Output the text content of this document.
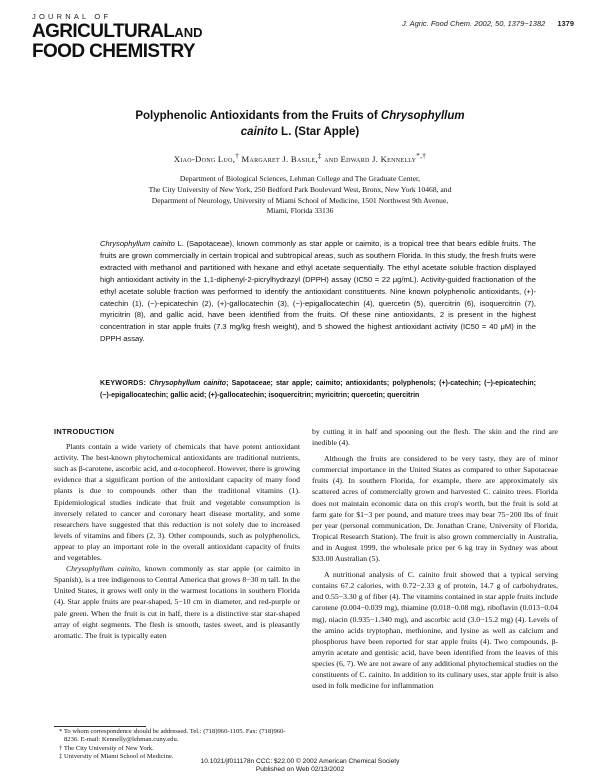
JOURNAL OF
AGRICULTURALAND
FOOD CHEMISTRY
J. Agric. Food Chem. 2002, 50, 1379−1382 1379
Polyphenolic Antioxidants from the Fruits of Chrysophyllum
cainito L. (Star Apple)
Xiao-Dong Luo,† Margaret J. Basile,‡ and Edward J. Kennelly*,†
Department of Biological Sciences, Lehman College and The Graduate Center,
The City University of New York, 250 Bedford Park Boulevard West, Bronx, New York 10468, and
Department of Neurology, University of Miami School of Medicine, 1501 Northwest 9th Avenue,
Miami, Florida 33136
Chrysophyllum cainito L. (Sapotaceae), known commonly as star apple or caimito, is a tropical tree that bears edible fruits. The fruits are grown commercially in certain tropical and subtropical areas, such as southern Florida. In this study, the fresh fruits were extracted with methanol and partitioned with hexane and ethyl acetate sequentially. The ethyl acetate soluble fraction displayed high antioxidant activity in the 1,1-diphenyl-2-picrylhydrazyl (DPPH) assay (IC50 = 22 μg/mL). Activity-guided fractionation of the ethyl acetate soluble fraction was performed to identify the antioxidant constituents. Nine known polyphenolic antioxidants, (+)-catechin (1), (−)-epicatechin (2), (+)-gallocatechin (3), (−)-epigallocatechin (4), quercetin (5), quercitrin (6), isoquercitrin (7), myricitrin (8), and gallic acid, have been identified from the fruits. Of these nine antioxidants, 2 is present in the highest concentration in star apple fruits (7.3 mg/kg fresh weight), and 5 showed the highest antioxidant activity (IC50 = 40 μM) in the DPPH assay.
KEYWORDS: Chrysophyllum cainito; Sapotaceae; star apple; caimito; antioxidants; polyphenols; (+)-catechin; (−)-epicatechin; (−)-epigallocatechin; gallic acid; (+)-gallocatechin; isoquercitrin; myricitrin; quercetin; quercitrin
INTRODUCTION

Plants contain a wide variety of chemicals that have potent antioxidant activity. The best-known phytochemical antioxidants are traditional nutrients, such as β-carotene, ascorbic acid, and α-tocopherol. However, there is growing evidence that a significant portion of the antioxidant capacity of many food plants is due to compounds other than the traditional vitamins (1). Epidemiological studies indicate that fruit and vegetable consumption is inversely related to cancer and coronary heart disease mortality, and some researchers have suggested that this reduction is not solely due to increased levels of vitamins and fibers (2, 3). Other compounds, such as polyphenolics, appear to play an important role in the overall antioxidant capacity of fruits and vegetables.

Chrysophyllum cainito, known commonly as star apple (or caimito in Spanish), is a tree indigenous to Central America that grows 8−30 m tall. In the United States, it grows well only in the warmest locations in southern Florida (4). Star apple fruits are pear-shaped, 5−10 cm in diameter, and red-purple or pale green. When the fruit is cut in half, there is a distinctive star star-shaped array of eight segments. The flesh is smooth, tastes sweet, and is pleasantly aromatic. The fruit is typically eaten

by cutting it in half and spooning out the flesh. The skin and the rind are inedible (4).

Although the fruits are considered to be very tasty, they are of minor commercial importance in the United States as compared to other Sapotaceae fruits (4). In southern Florida, for example, there are approximately six scattered acres of commercially grown and harvested C. cainito trees. Florida does not maintain economic data on this crop's worth, but the fruit is sold at farm gate for $1−3 per pound, and mature trees may bear 75−200 lbs of fruit per year (personal communication, Dr. Jonathan Crane, University of Florida, Tropical Research Station). The fruit is also grown commercially in Australia, and in August 1999, the wholesale price per 6 kg tray in Sydney was about $33.00 Australian (5).

A nutritional analysis of C. cainito fruit showed that a typical serving contains 67.2 calories, with 0.72−2.33 g of protein, 14.7 g of carbohydrates, and 0.55−3.30 g of fiber (4). The vitamins contained in star apple fruits include carotene (0.004−0.039 mg), thiamine (0.018−0.08 mg), riboflavin (0.013−0.04 mg), niacin (0.935−1.340 mg), and ascorbic acid (3.0−15.2 mg) (4). Levels of the amino acids tryptophan, methionine, and lysine as well as calcium and phosphorus have been reported for star apple fruits (4). Two compounds, β-amyrin acetate and gentisic acid, have been identified from the leaves of this species (6, 7). We are not aware of any additional phytochemical studies on the constituents of C. cainito. In addition to its culinary uses, star apple fruit is also used in folk medicine for inflammation

* To whom correspondence should be addressed. Tel.: (718)960-1105. Fax: (718)960-8236. E-mail: Kennelly@lehman.cuny.edu.
† The City University of New York.
‡ University of Miami School of Medicine.
10.1021/jf011178n CCC: $22.00 © 2002 American Chemical Society
Published on Web 02/13/2002
